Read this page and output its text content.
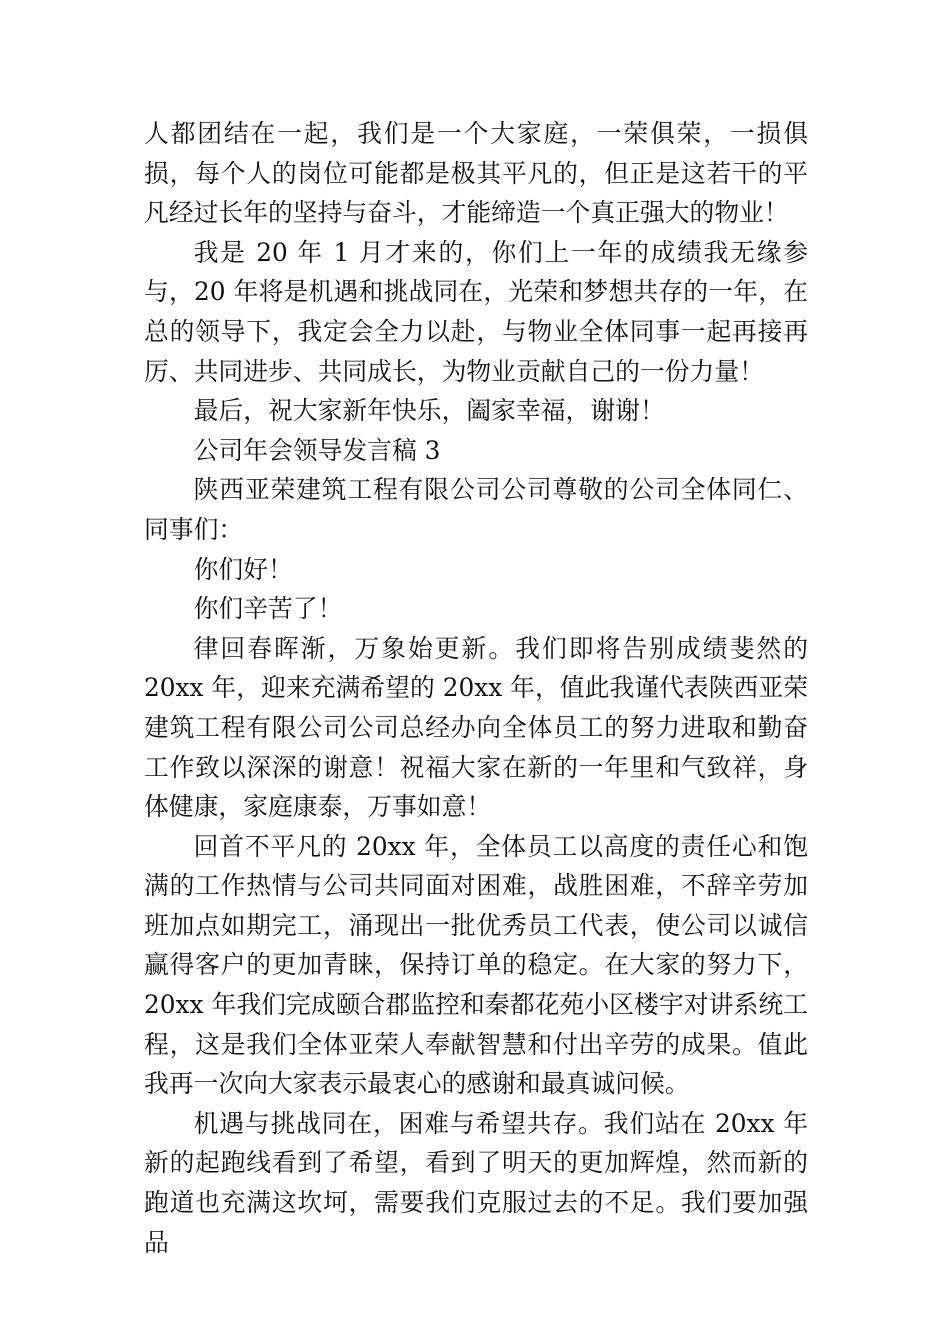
人都团结在一起，我们是一个大家庭，一荣俱荣，一损俱损，每个人的岗位可能都是极其平凡的，但正是这若干的平凡经过长年的坚持与奋斗，才能缔造一个真正强大的物业！

我是 20 年 1 月才来的，你们上一年的成绩我无缘参与，20 年将是机遇和挑战同在，光荣和梦想共存的一年，在总的领导下，我定会全力以赴，与物业全体同事一起再接再厉、共同进步、共同成长，为物业贡献自己的一份力量！

最后，祝大家新年快乐，阖家幸福，谢谢！

公司年会领导发言稿 3

陕西亚荣建筑工程有限公司公司尊敬的公司全体同仁、同事们：

你们好！

你们辛苦了！

律回春晖渐，万象始更新。我们即将告别成绩斐然的 20xx 年，迎来充满希望的 20xx 年，值此我谨代表陕西亚荣建筑工程有限公司公司总经办向全体员工的努力进取和勤奋工作致以深深的谢意！祝福大家在新的一年里和气致祥，身体健康，家庭康泰，万事如意！

回首不平凡的 20xx 年，全体员工以高度的责任心和饱满的工作热情与公司共同面对困难，战胜困难，不辞辛劳加班加点如期完工，涌现出一批优秀员工代表，使公司以诚信赢得客户的更加青睐，保持订单的稳定。在大家的努力下，20xx 年我们完成颐合郡监控和秦都花苑小区楼宇对讲系统工程，这是我们全体亚荣人奉献智慧和付出辛劳的成果。值此我再一次向大家表示最衷心的感谢和最真诚问候。

机遇与挑战同在，困难与希望共存。我们站在 20xx 年新的起跑线看到了希望，看到了明天的更加辉煌，然而新的跑道也充满这坎坷，需要我们克服过去的不足。我们要加强品
